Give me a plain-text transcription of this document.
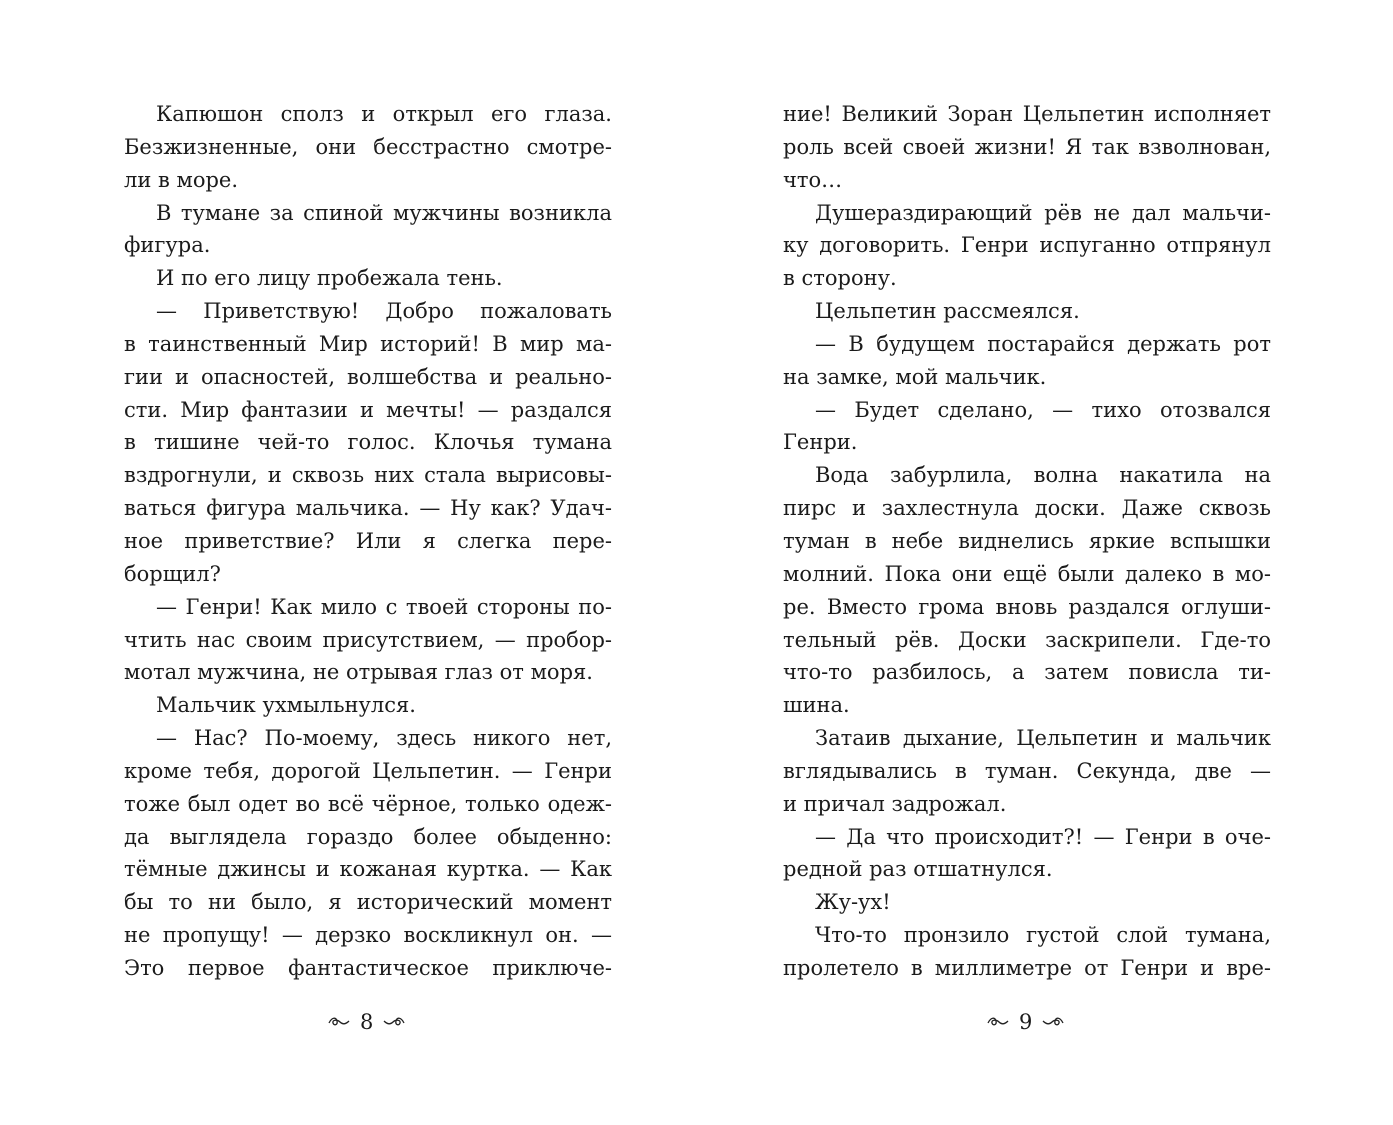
Капюшон сполз и открыл его глаза.
Безжизненные, они бесстрастно смотре-
ли в море.
В тумане за спиной мужчины возникла
фигура.
И по его лицу пробежала тень.
— Приветствую! Добро пожаловать
в таинственный Мир историй! В мир ма-
гии и опасностей, волшебства и реально-
сти. Мир фантазии и мечты! — раздался
в тишине чей-то голос. Клочья тумана
вздрогнули, и сквозь них стала вырисовы-
ваться фигура мальчика. — Ну как? Удач-
ное приветствие? Или я слегка пере-
борщил?
— Генри! Как мило с твоей стороны по-
чтить нас своим присутствием, — пробор-
мотал мужчина, не отрывая глаз от моря.
Мальчик ухмыльнулся.
— Нас? По-моему, здесь никого нет,
кроме тебя, дорогой Цельпетин. — Генри
тоже был одет во всё чёрное, только одеж-
да выглядела гораздо более обыденно:
тёмные джинсы и кожаная куртка. — Как
бы то ни было, я исторический момент
не пропущу! — дерзко воскликнул он. —
Это первое фантастическое приключе-
ние! Великий Зоран Цельпетин исполняет
роль всей своей жизни! Я так взволнован,
что…
Душераздирающий рёв не дал мальчи-
ку договорить. Генри испуганно отпрянул
в сторону.
Цельпетин рассмеялся.
— В будущем постарайся держать рот
на замке, мой мальчик.
— Будет сделано, — тихо отозвался
Генри.
Вода забурлила, волна накатила на
пирс и захлестнула доски. Даже сквозь
туман в небе виднелись яркие вспышки
молний. Пока они ещё были далеко в мо-
ре. Вместо грома вновь раздался оглуши-
тельный рёв. Доски заскрипели. Где-то
что-то разбилось, а затем повисла ти-
шина.
Затаив дыхание, Цельпетин и мальчик
вглядывались в туман. Секунда, две —
и причал задрожал.
— Да что происходит?! — Генри в оче-
редной раз отшатнулся.
Жу-ух!
Что-то пронзило густой слой тумана,
пролетело в миллиметре от Генри и вре-
8	9
